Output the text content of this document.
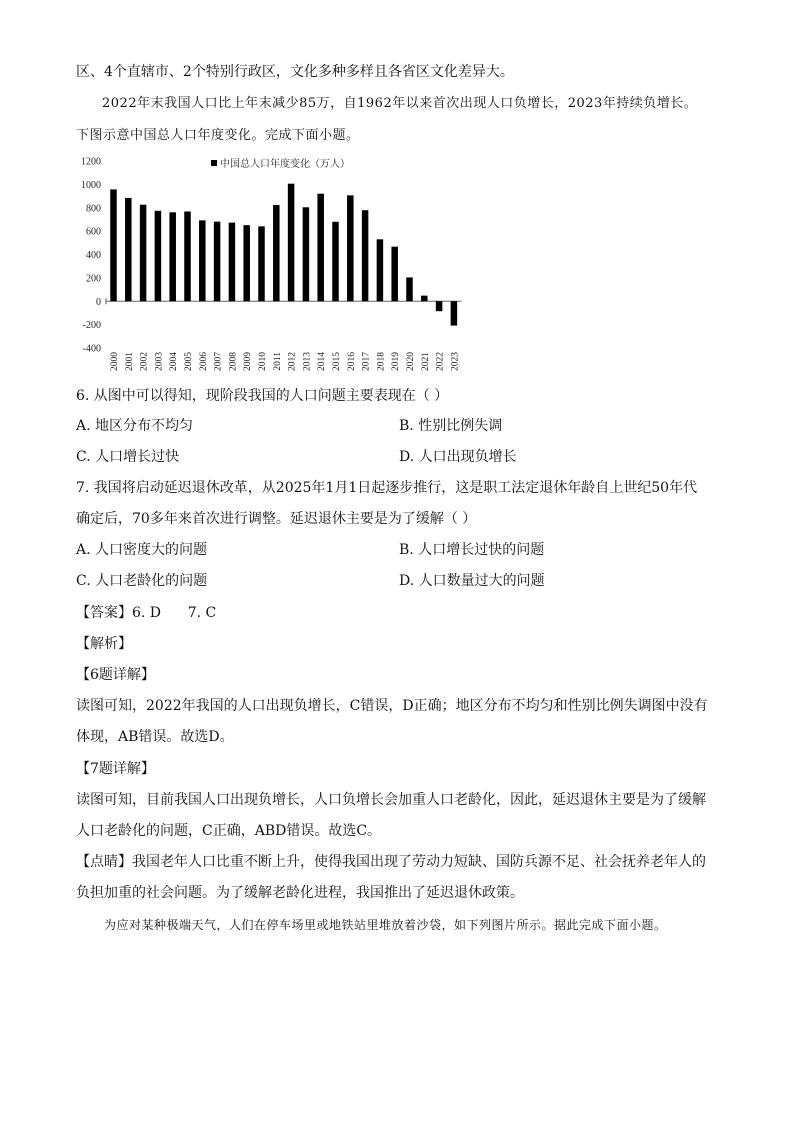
区、4个直辖市、2个特别行政区，文化多种多样且各省区文化差异大。
2022年末我国人口比上年末减少85万，自1962年以来首次出现人口负增长，2023年持续负增长。
下图示意中国总人口年度变化。完成下面小题。
-400
-200
0
200
400
600
800
1000
1200
2000 2001 2002 2003 2004 2005 2006 2007 2008 2009 2010 2011 2012 2013 2014 2015 2016 2017 2018 2019 2020 2021 2022 2023
中国总人口年度变化（万人）
6. 从图中可以得知，现阶段我国的人口问题主要表现在（ ）
A. 地区分布不均匀	B. 性别比例失调
C. 人口增长过快	D. 人口出现负增长
7. 我国将启动延迟退休改革，从2025年1月1日起逐步推行，这是职工法定退休年龄自上世纪50年代
确定后，70多年来首次进行调整。延迟退休主要是为了缓解（ ）
A. 人口密度大的问题	B. 人口增长过快的问题
C. 人口老龄化的问题	D. 人口数量过大的问题
【答案】6. D      7. C
【解析】
【6题详解】
读图可知，2022年我国的人口出现负增长，C错误，D正确；地区分布不均匀和性别比例失调图中没有
体现，AB错误。故选D。
【7题详解】
读图可知，目前我国人口出现负增长，人口负增长会加重人口老龄化，因此，延迟退休主要是为了缓解
人口老龄化的问题，C正确，ABD错误。故选C。
【点睛】我国老年人口比重不断上升，使得我国出现了劳动力短缺、国防兵源不足、社会抚养老年人的
负担加重的社会问题。为了缓解老龄化进程，我国推出了延迟退休政策。
为应对某种极端天气，人们在停车场里或地铁站里堆放着沙袋，如下列图片所示。据此完成下面小题。
